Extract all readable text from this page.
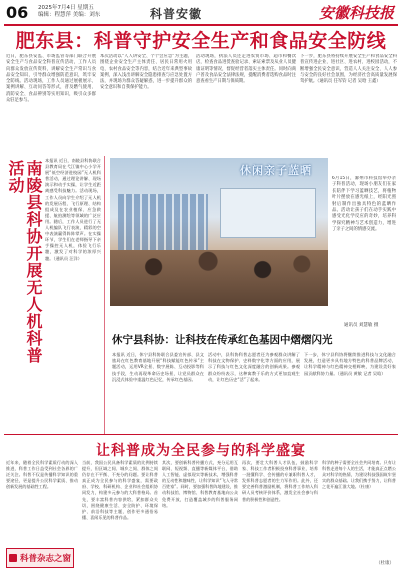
06 2025年7月4日 星期五
编辑：程慧萍 美编：刘东	科普安徽	安徽科技报
肥东县：科普守护安全生产和食品安全防线

近日，肥东县安监、市场监管等部门联合开展安全生产与食品安全科普宣传活动，工作人员向群众发放宣传资料，讲解安全生产常识与食品安全知识，引导群众增强防范意识，筑牢安全防线。活动现场，工作人员通过展板展示、案例讲解、互动问答等形式，普及燃气使用、消防安全、食品辨别等实用知识，吸引众多群众驻足参与。

本次活动以“人人讲安全、个个会应急”为主题，围绕企业安全生产主体责任、居民日常用火用电、农村食品安全等内容，结合近年来典型事故案例，深入浅出讲解安全隐患排查与应急处置方法，并现场为群众答疑解惑，进一步提升群众的安全意识和自我保护能力。

活动现场，执法人员还走进农贸市场、超市和餐饮店，检查食品进货查验记录、索证索票及从业人员健康证明等情况，督促经营者落实主体责任。同时向商户普及食品安全法律法规，提醒消费者选购食品时注意查看生产日期与保质期。

下一步，肥东县将持续开展安全生产和食品安全科普宣传进企业、进社区、进农村、进校园活动，不断增强全民安全意识，营造人人关注安全、人人参与安全的良好社会氛围，为经济社会高质量发展保驾护航。（通讯员 任军钧 记者 吴晗 王鑫）

南陵县科协开展无人机科普活动	本报讯 近日，南陵县科协联合县教育局在弋江镇中心小学开展“低空经济进校园”无人机科普活动，通过理论讲解、现场演示和动手实操，让学生近距离感受科技魅力。活动现场，工作人员向学生介绍了无人机的发展历程、飞行原理、结构组成及在农业植保、应急救援、航拍测绘等领域的广泛应用。随后，工作人员进行了无人机编队飞行表演，精彩的空中表演赢得阵阵掌声。在实操环节，学生们在老师指导下亲手操控无人机，体验飞行乐趣，激发了对科学的浓厚兴趣。（通讯员 汪洋）

休闲亲子蓝晒

6月15日，滁州市科技馆举办亲子科普活动，现场小朋友们在家长陪伴下学习蓝晒技艺，将植物叶片摆放在感光纸上，经阳光照射后制作出独具特色的蓝晒作品。活动让孩子们在动手实践中感受光化学反应的奇妙，培养科学探究精神与艺术创造力，增进了亲子之间的情感交流。

通讯员 刘慧敏 摄
休宁县科协：让科技在传承红色基因中熠熠闪光

本报讯 近日，休宁县科协联合县委宣传部、县文旅局在红色教育基地开展“科技赋能红色传承”主题活动，运用VR全景、数字展陈、互动投影等科技手段，生动再现革命历史场景，让党员群众在沉浸式体验中重温红色记忆，传承红色基因。

活动中，县科协科普志愿者还为参观群众讲解了科技在文物保护、史料数字化等方面的应用，展示了科技与红色文化深度融合的创新成果。参观群众纷纷表示，这种寓教于乐的方式更加直观生动，让红色历史“活”了起来。

下一步，休宁县科协将继续推进科技与文化融合发展，打造更多具有地方特色的科普品牌活动，让科学精神与红色精神交相辉映，为建设美好家园贡献科协力量。（通讯员 黄敏 记者 吴晗）

让科普成为全民参与的科学盛宴

近年来，随着全民科学素质行动的深入推进，科普工作日益受到社会各界的广泛关注。科普不仅是传播科学知识的重要途径，更是提升公民科学素质、推动创新发展的基础性工程。

当前，我国公民具备科学素质的比例持续提升，但区域之间、城乡之间、群体之间仍存在不平衡、不充分的问题。要让科普真正成为全民参与的科学盛宴，需要政府、学校、科研机构、企业和社会组织协同发力，构建多元参与的大科普格局。首先，要丰富科普内容供给，紧扣群众关切，围绕健康生活、安全防护、环境保护、前沿科技等主题，创作更多通俗易懂、喜闻乐见的科普作品。

其次，要创新科普传播方式，充分运用互联网、短视频、直播等新媒体平台，借助人工智能、虚拟现实等新技术，增强科普的互动性和趣味性，让科学知识“飞入寻常百姓家”。同时，要加强科普阵地建设，推动科技馆、博物馆、科普教育基地向公众免费开放，打造覆盖城乡的科普服务网络。

再次，要壮大科普人才队伍，鼓励科学家、科技工作者积极投身科普事业，培养一批懂科学、会传播的专兼职科普人才，发挥科普志愿者的生力军作用。此外，还要完善科普激励机制，将科普工作纳入科研人员考核评价体系，激发全社会参与科普的积极性和创造性。

科学的种子需要全社会共同培育。只有让科普走进每个人的生活，才能真正点燃公众对科学的热情，为建设科技强国筑牢坚实的群众基础。让我们携手努力，让科普之花开遍江淮大地。（杜康）

科普杂志之窗	（杜康）
